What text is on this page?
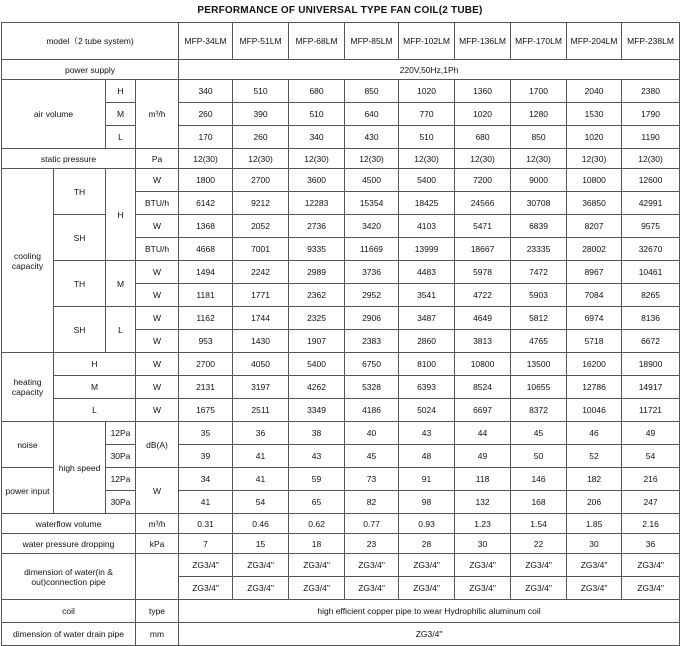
PERFORMANCE OF UNIVERSAL TYPE FAN COIL(2 TUBE)
model（2 tube system)				MFP-34LM	MFP-51LM	MFP-68LM	MFP-85LM	MFP-102LM	MFP-136LM	MFP-170LM	MFP-204LM	MFP-238LM
power supply				220V,50Hz,1Ph								
air volume		H	m³/h	340	510	680	850	1020	1360	1700	2040	2380
		M		260	390	510	640	770	1020	1280	1530	1790
		L		170	260	340	430	510	680	850	1020	1190
static pressure			Pa	12(30)	12(30)	12(30)	12(30)	12(30)	12(30)	12(30)	12(30)	12(30)
cooling capacity	TH	H	W	1800	2700	3600	4500	5400	7200	9000	10800	12600
			BTU/h	6142	9212	12283	15354	18425	24566	30708	36850	42991
	SH		W	1368	2052	2736	3420	4103	5471	6839	8207	9575
			BTU/h	4668	7001	9335	11669	13999	18667	23335	28002	32670
	TH	M	W	1494	2242	2989	3736	4483	5978	7472	8967	10461
			W	1181	1771	2362	2952	3541	4722	5903	7084	8265
	SH	L	W	1162	1744	2325	2906	3487	4649	5812	6974	8136
			W	953	1430	1907	2383	2860	3813	4765	5718	6672
heating capacity	H		W	2700	4050	5400	6750	8100	10800	13500	16200	18900
	M		W	2131	3197	4262	5328	6393	8524	10655	12786	14917
	L		W	1675	2511	3349	4186	5024	6697	8372	10046	11721
noise	high speed	12Pa	dB(A)	35	36	38	40	43	44	45	46	49
		30Pa		39	41	43	45	48	49	50	52	54
power input		12Pa	W	34	41	59	73	91	118	146	182	216
		30Pa		41	54	65	82	98	132	168	206	247
waterflow volume			m³/h	0.31	0.46	0.62	0.77	0.93	1.23	1.54	1.85	2.16
water pressure dropping			kPa	7	15	18	23	28	30	22	30	36
dimension of water(in & out)connection pipe				ZG3/4"	ZG3/4"	ZG3/4"	ZG3/4"	ZG3/4"	ZG3/4"	ZG3/4"	ZG3/4"	ZG3/4"
				ZG3/4"	ZG3/4"	ZG3/4"	ZG3/4"	ZG3/4"	ZG3/4"	ZG3/4"	ZG3/4"	ZG3/4"
coil			type	high efficient copper pipe to wear Hydrophilic aluminum coil								
dimension of water drain pipe			mm	ZG3/4"								
